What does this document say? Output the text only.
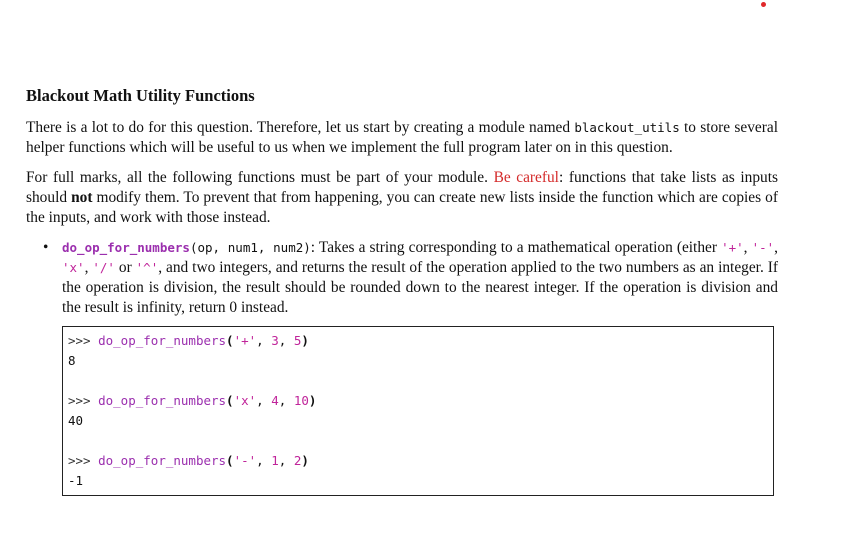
Blackout Math Utility Functions

There is a lot to do for this question. Therefore, let us start by creating a module named blackout_utils to store several helper functions which will be useful to us when we implement the full program later on in this question.

For full marks, all the following functions must be part of your module. Be careful: functions that take lists as inputs should not modify them. To prevent that from happening, you can create new lists inside the function which are copies of the inputs, and work with those instead.

• do_op_for_numbers(op, num1, num2): Takes a string corresponding to a mathematical operation (either '+', '-', 'x', '/' or '^', and two integers, and returns the result of the operation applied to the two numbers as an integer. If the operation is division, the result should be rounded down to the nearest integer. If the operation is division and the result is infinity, return 0 instead.
>>> do_op_for_numbers('+', 3, 5)
8
>>> do_op_for_numbers('x', 4, 10)
40
>>> do_op_for_numbers('-', 1, 2)
-1
